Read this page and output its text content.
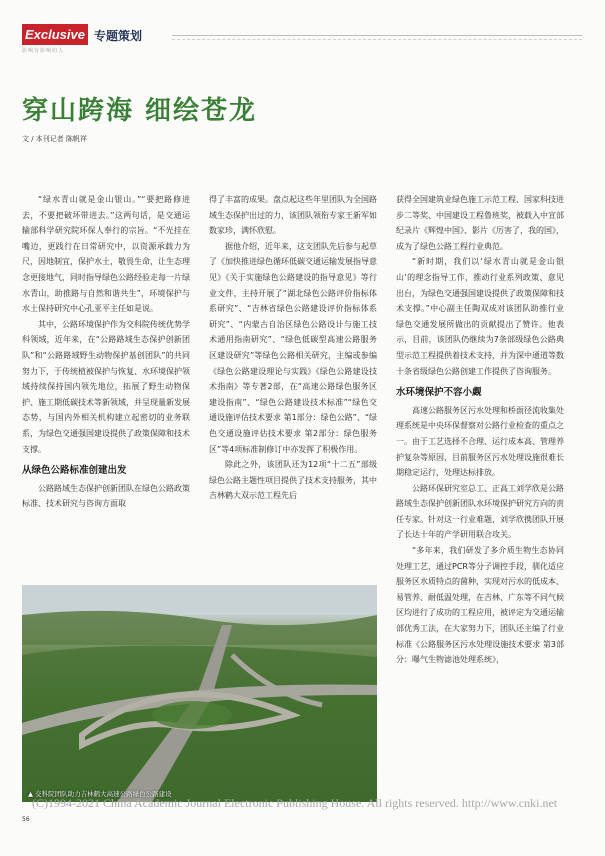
Exclusive
影响有影响的人
专题策划
穿山跨海 细绘苍龙
文 / 本刊记者 陈帆祥

“绿水青山就是金山银山。”“要把路修进去，不要把破坏带进去。”这两句话，是交通运输部科学研究院环保人奉行的宗旨。“不光挂在嘴边，更践行在日常研究中，以资源承载力为尺，因地制宜，保护水土，敬畏生命，让生态理念更接地气，同时指导绿色公路经验走每一片绿水青山，助推路与自然和谐共生”，环境保护与水土保持研究中心孔亚平主任如是说。

其中，公路环境保护作为交科院传统优势学科领域，近年来，在“公路路域生态保护创新团队”和“公路路域野生动物保护基创团队”的共同努力下，于传统植被保护与恢复、水环境保护领域持续保持国内领先地位，拓展了野生动物保护、施工期低碳技术等新领域，并呈现量新发展态势，与国内外相关机构建立起密切的业务联系，为绿色交通强国建设提供了政策保障和技术支撑。

从绿色公路标准创建出发

公路路域生态保护创新团队在绿色公路政策标准、技术研究与咨询方面取

得了丰富的成果。盘点起这些年里团队为全国路域生态保护出过的力，该团队领衔专家王新军如数家珍，满怀欣慰。

据他介绍，近年来，这支团队先后参与起草了《加快推进绿色循环低碳交通运输发展指导意见》《关于实施绿色公路建设的指导意见》等行业文件，主持开展了“湖北绿色公路评价指标体系研究”、“吉林省绿色公路建设评价指标体系研究”、“内蒙古自治区绿色公路设计与施工技术通用指南研究”、“绿色低碳型高速公路服务区建设研究”等绿色公路相关研究，主编或参编《绿色公路建设理论与实践》《绿色公路建设技术指南》等专著2部，在“高速公路绿色服务区建设指南”、“绿色公路建设技术标准”“绿色交通设施评估技术要求 第1部分：绿色公路”、“绿色交通设施评估技术要求 第2部分：绿色服务区”等4项标准制修订中亦发挥了积极作用。

除此之外，该团队还为12项“十二五”部级绿色公路主题性项目提供了技术支持服务，其中吉林鹤大双示范工程先后

获得全国建筑业绿色施工示范工程、国家科技进步二等奖、中国建设工程鲁班奖，被载入中宣部纪录片《辉煌中国》、影片《厉害了，我的国》，成为了绿色公路工程行业典范。

“新时期，我们以‘绿水青山就是金山银山’的理念指导工作，推动行业系列政策、意见出台，为绿色交通强国建设提供了政策保障和技术支撑。”中心副主任陶双成对该团队助推行业绿色交通发展所做出的贡献提出了赞许。他表示，目前，该团队仍继续为7条部级绿色公路典型示范工程提供着技术支持，并为深中通道等数十条省级绿色公路创建工作提供了咨询服务。

水环境保护不容小觑

高速公路服务区污水处理和桥面径流收集处理系统是中央环保督察对公路行业检查的重点之一。由于工艺选择不合理、运行成本高、管理养护复杂等原因，目前服务区污水处理设施很难长期稳定运行，处理达标排放。

公路环保研究室总工、正高工刘学欣是公路路域生态保护创新团队水环境保护研究方向的责任专家。针对这一行业难题，刘学欣携团队开展了长达十年的产学研用联合攻关。

“多年来，我们研发了多介质生物生态协同处理工艺，通过PCR等分子调控手段，驯化适应服务区水质特点的菌种，实现对污水的低成本、易管养、耐低温处理，在吉林、广东等不同气候区均进行了成功的工程应用，被评定为交通运输部优秀工法，在大家努力下，团队还主编了行业标准《公路服务区污水处理设施技术要求 第3部分：曝气生物滤池处理系统》，

▲ 交科院团队助力吉林鹤大高速公路绿色公路建设
(C)1994-2021 China Academic Journal Electronic Publishing House. All rights reserved. http://www.cnki.net
56
